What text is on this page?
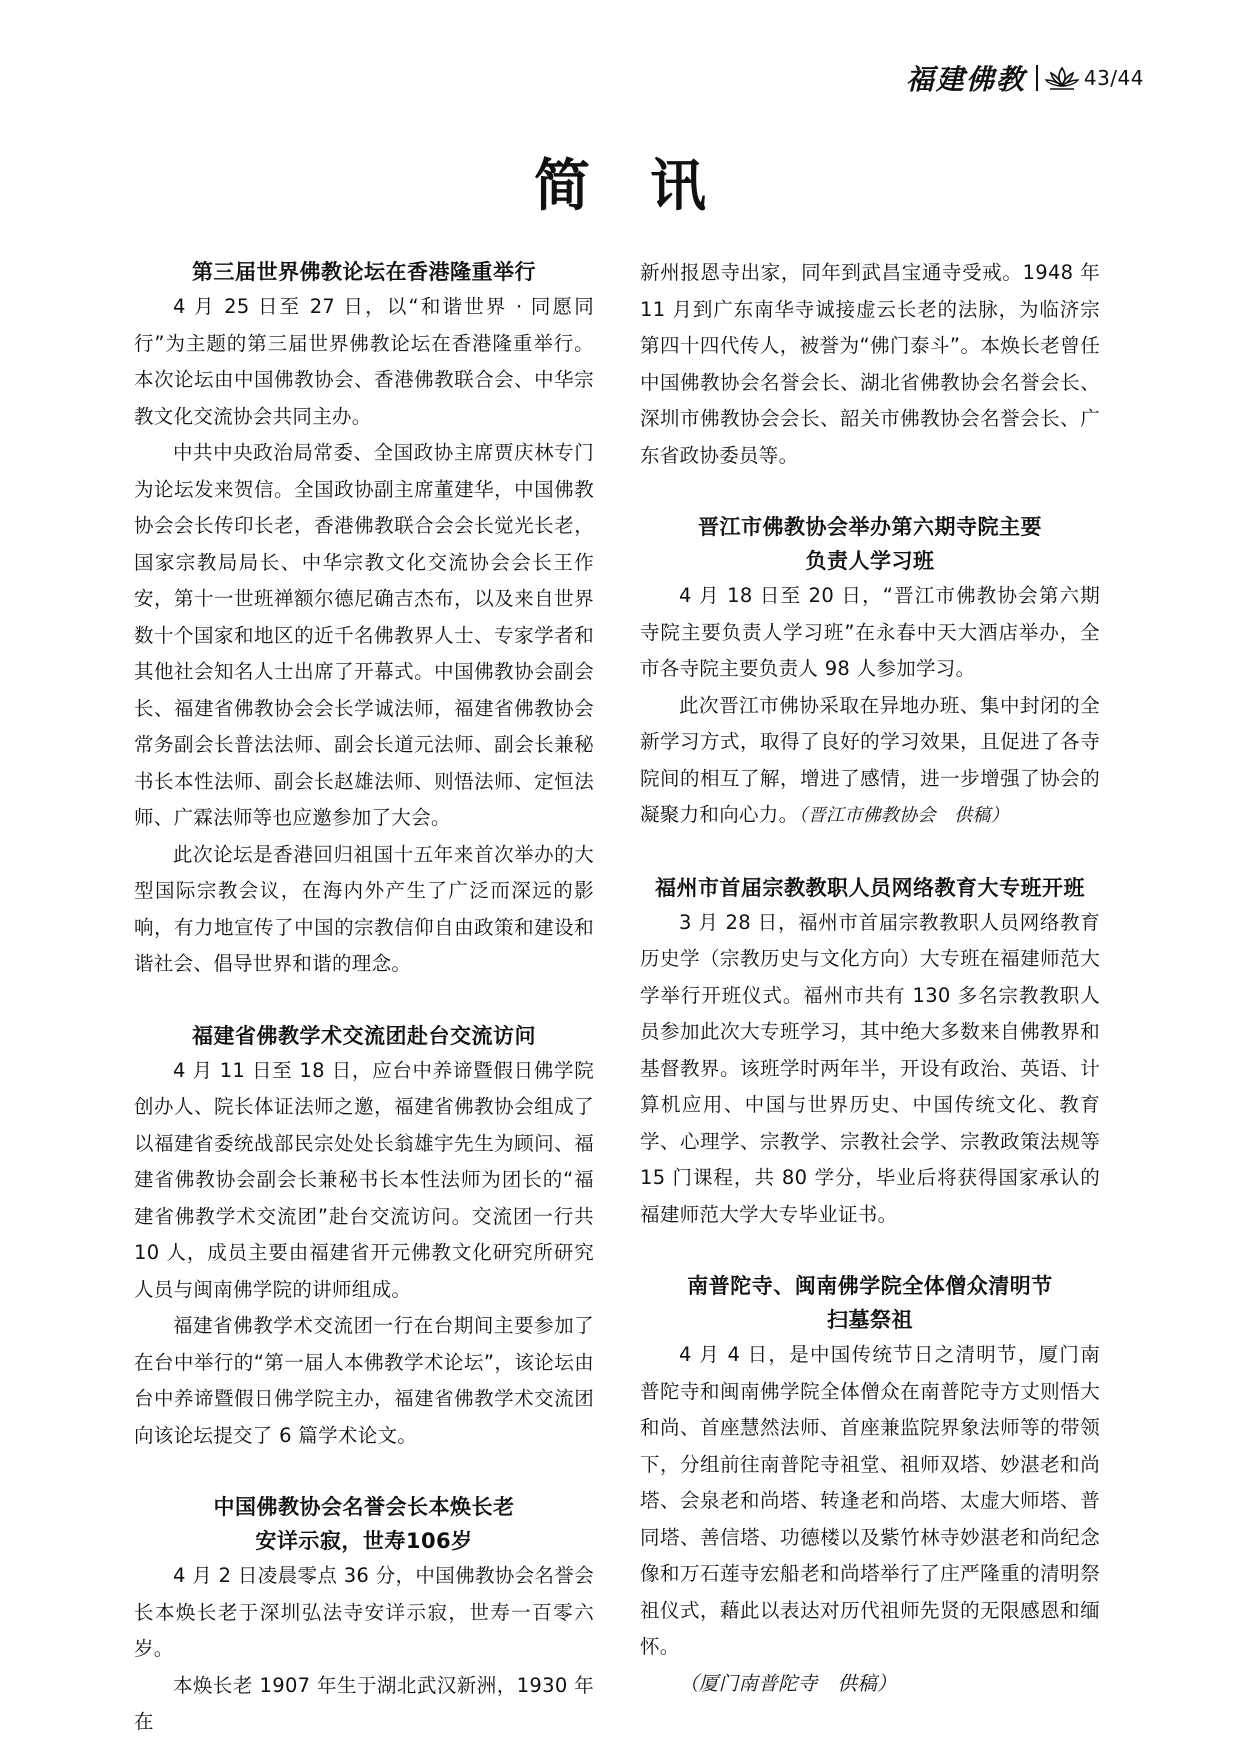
福建佛教	43/44
简讯
第三届世界佛教论坛在香港隆重举行

4 月 25 日至 27 日，以“和谐世界 · 同愿同行”为主题的第三届世界佛教论坛在香港隆重举行。本次论坛由中国佛教协会、香港佛教联合会、中华宗教文化交流协会共同主办。

中共中央政治局常委、全国政协主席贾庆林专门为论坛发来贺信。全国政协副主席董建华，中国佛教协会会长传印长老，香港佛教联合会会长觉光长老，国家宗教局局长、中华宗教文化交流协会会长王作安，第十一世班禅额尔德尼确吉杰布，以及来自世界数十个国家和地区的近千名佛教界人士、专家学者和其他社会知名人士出席了开幕式。中国佛教协会副会长、福建省佛教协会会长学诚法师，福建省佛教协会常务副会长普法法师、副会长道元法师、副会长兼秘书长本性法师、副会长赵雄法师、则悟法师、定恒法师、广霖法师等也应邀参加了大会。

此次论坛是香港回归祖国十五年来首次举办的大型国际宗教会议，在海内外产生了广泛而深远的影响，有力地宣传了中国的宗教信仰自由政策和建设和谐社会、倡导世界和谐的理念。

福建省佛教学术交流团赴台交流访问

4 月 11 日至 18 日，应台中养谛暨假日佛学院创办人、院长体证法师之邀，福建省佛教协会组成了以福建省委统战部民宗处处长翁雄宇先生为顾问、福建省佛教协会副会长兼秘书长本性法师为团长的“福建省佛教学术交流团”赴台交流访问。交流团一行共 10 人，成员主要由福建省开元佛教文化研究所研究人员与闽南佛学院的讲师组成。

福建省佛教学术交流团一行在台期间主要参加了在台中举行的“第一届人本佛教学术论坛”，该论坛由台中养谛暨假日佛学院主办，福建省佛教学术交流团向该论坛提交了 6 篇学术论文。

中国佛教协会名誉会长本焕长老
安详示寂，世寿106岁

4 月 2 日凌晨零点 36 分，中国佛教协会名誉会长本焕长老于深圳弘法寺安详示寂，世寿一百零六岁。

本焕长老 1907 年生于湖北武汉新洲，1930 年在

新州报恩寺出家，同年到武昌宝通寺受戒。1948 年 11 月到广东南华寺诚接虚云长老的法脉，为临济宗第四十四代传人，被誉为“佛门泰斗”。本焕长老曾任中国佛教协会名誉会长、湖北省佛教协会名誉会长、深圳市佛教协会会长、韶关市佛教协会名誉会长、广东省政协委员等。

晋江市佛教协会举办第六期寺院主要
负责人学习班

4 月 18 日至 20 日，“晋江市佛教协会第六期寺院主要负责人学习班”在永春中天大酒店举办，全市各寺院主要负责人 98 人参加学习。

此次晋江市佛协采取在异地办班、集中封闭的全新学习方式，取得了良好的学习效果，且促进了各寺院间的相互了解，增进了感情，进一步增强了协会的凝聚力和向心力。（晋江市佛教协会　供稿）

福州市首届宗教教职人员网络教育大专班开班

3 月 28 日，福州市首届宗教教职人员网络教育历史学（宗教历史与文化方向）大专班在福建师范大学举行开班仪式。福州市共有 130 多名宗教教职人员参加此次大专班学习，其中绝大多数来自佛教界和基督教界。该班学时两年半，开设有政治、英语、计算机应用、中国与世界历史、中国传统文化、教育学、心理学、宗教学、宗教社会学、宗教政策法规等 15 门课程，共 80 学分，毕业后将获得国家承认的福建师范大学大专毕业证书。

南普陀寺、闽南佛学院全体僧众清明节
扫墓祭祖

4 月 4 日，是中国传统节日之清明节，厦门南普陀寺和闽南佛学院全体僧众在南普陀寺方丈则悟大和尚、首座慧然法师、首座兼监院界象法师等的带领下，分组前往南普陀寺祖堂、祖师双塔、妙湛老和尚塔、会泉老和尚塔、转逢老和尚塔、太虚大师塔、普同塔、善信塔、功德楼以及紫竹林寺妙湛老和尚纪念像和万石莲寺宏船老和尚塔举行了庄严隆重的清明祭祖仪式，藉此以表达对历代祖师先贤的无限感恩和缅怀。

（厦门南普陀寺　供稿）
